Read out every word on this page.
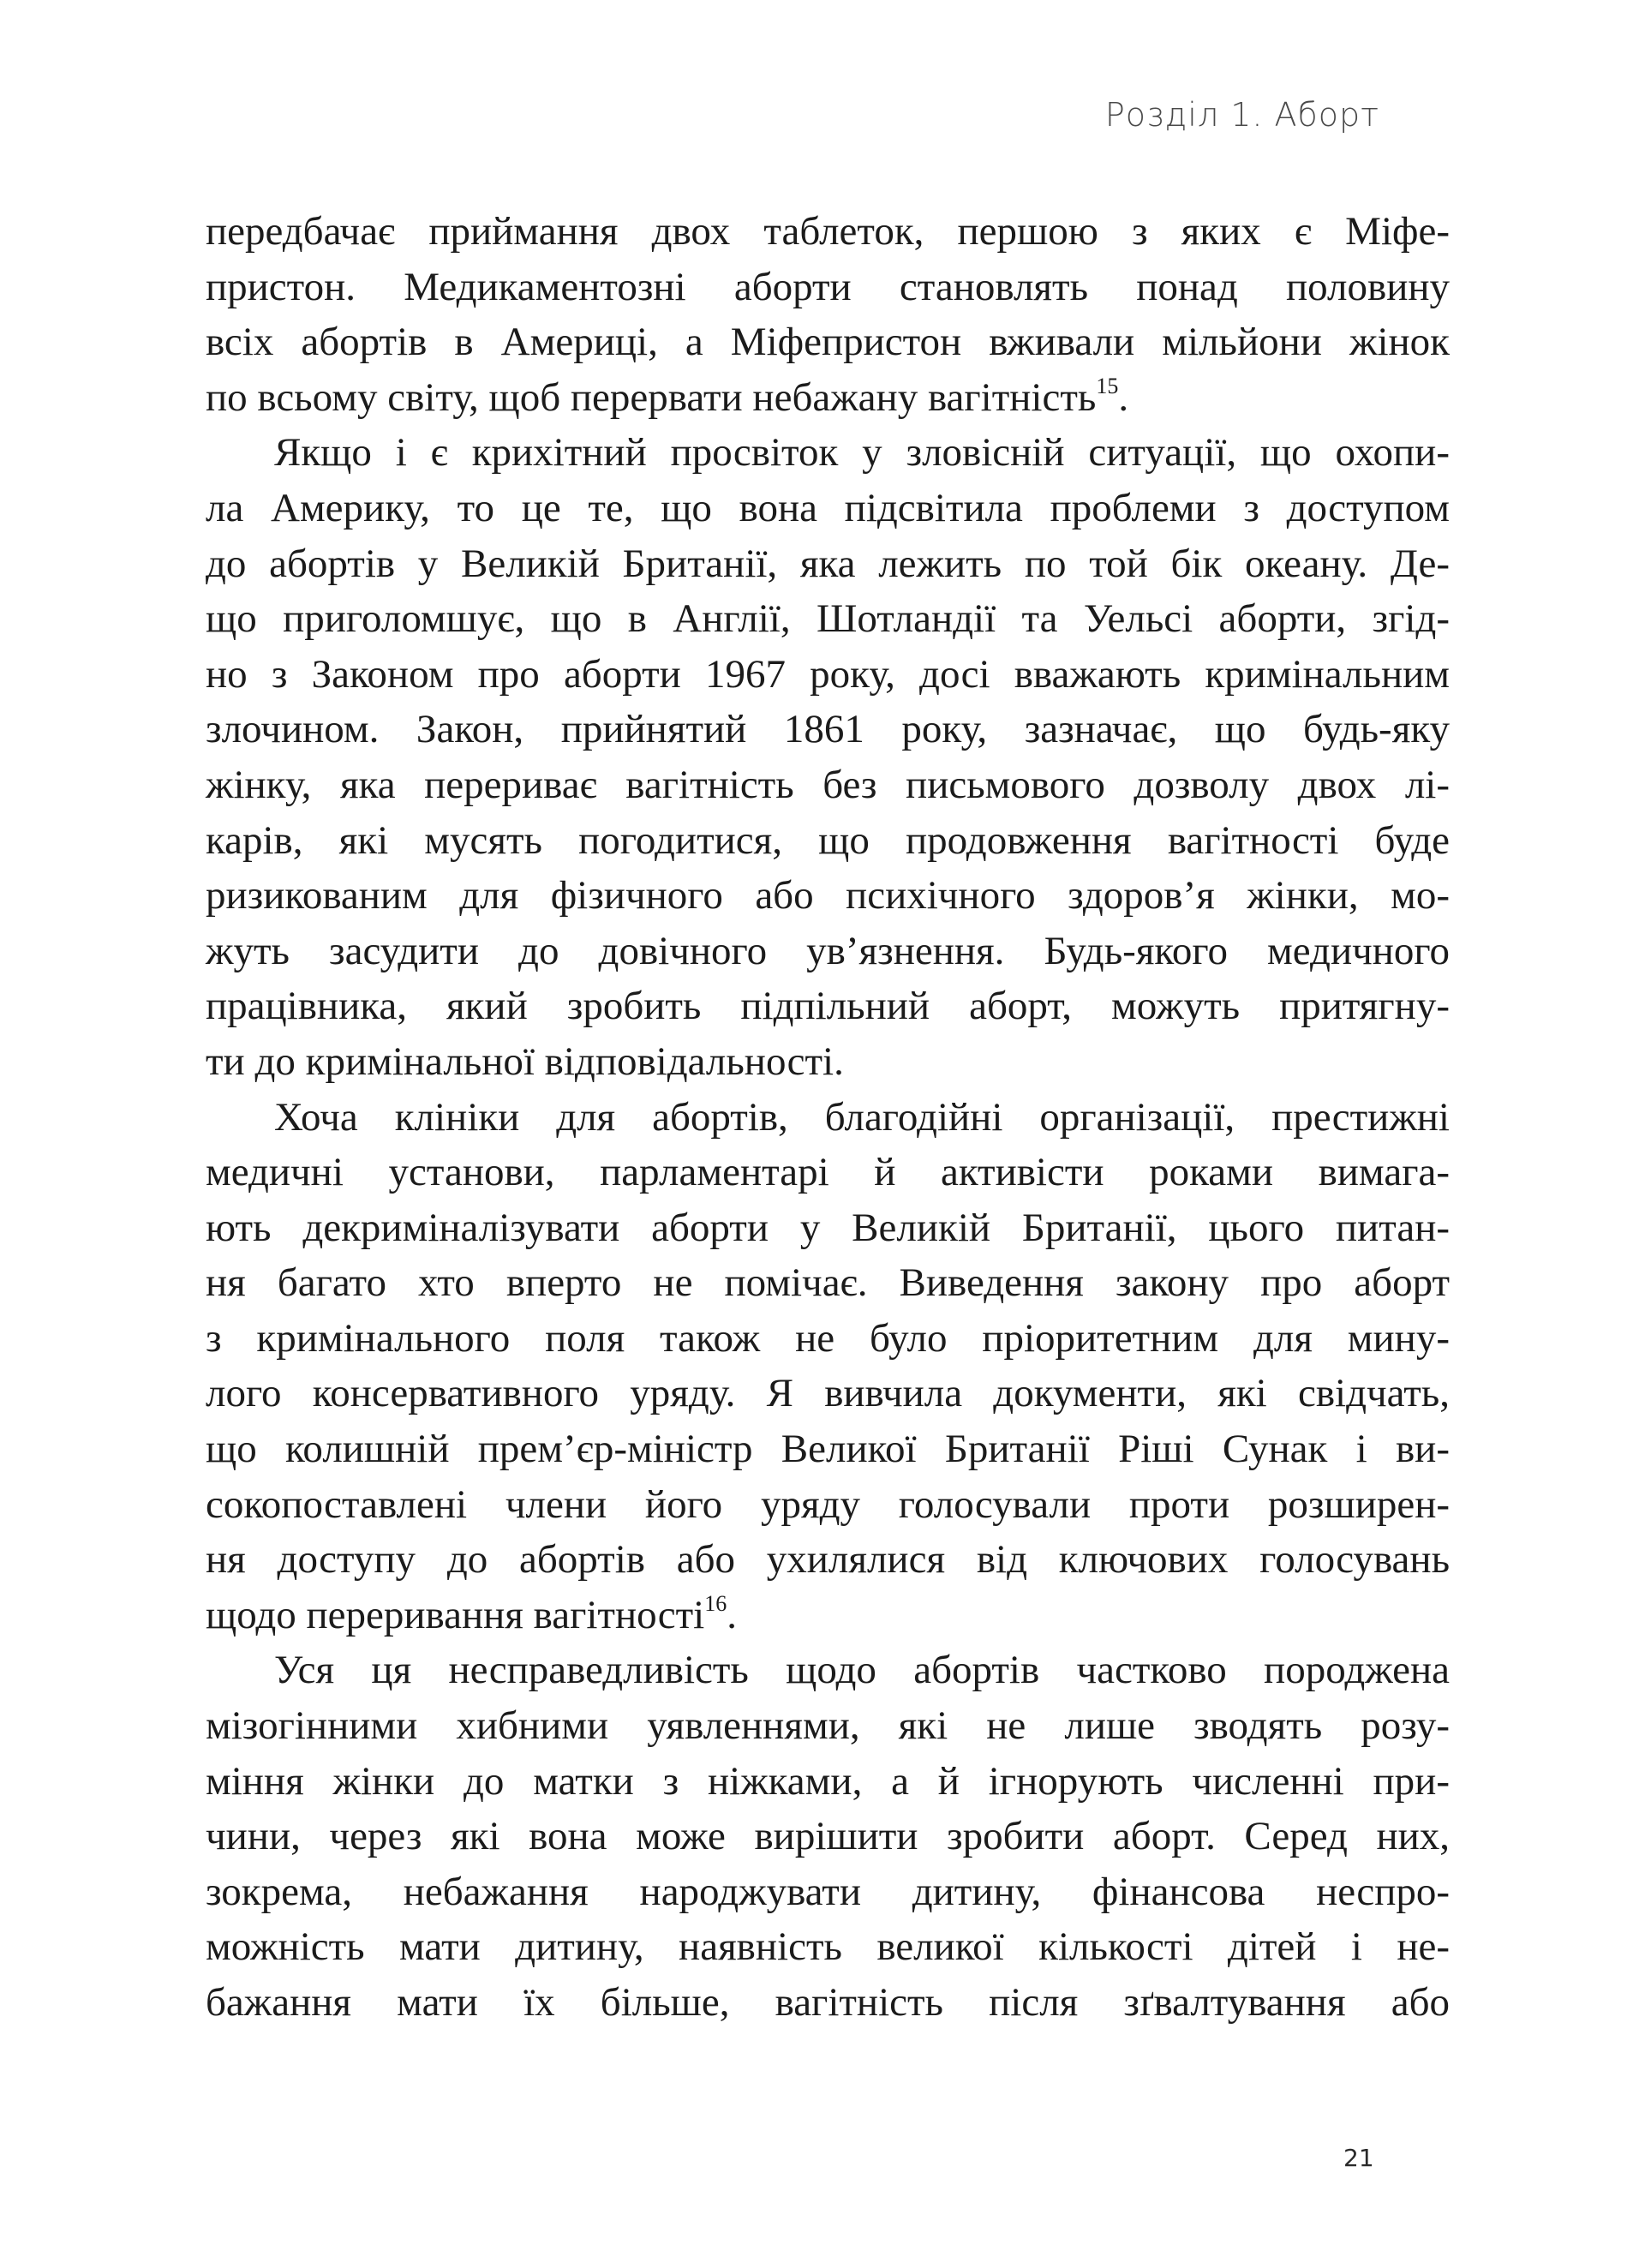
Розділ 1. Аборт
передбачає приймання двох таблеток, першою з яких є Міфе-
пристон. Медикаментозні аборти становлять понад половину
всіх абортів в Америці, а Міфепристон вживали мільйони жінок
по всьому світу, щоб перервати небажану вагітність$^{15}$.
Якщо і є крихітний просвіток у зловісній ситуації, що охопи-
ла Америку, то це те, що вона підсвітила проблеми з доступом
до абортів у Великій Британії, яка лежить по той бік океану. Де-
що приголомшує, що в Англії, Шотландії та Уельсі аборти, згід-
но з Законом про аборти 1967 року, досі вважають кримінальним
злочином. Закон, прийнятий 1861 року, зазначає, що будь-яку
жінку, яка перериває вагітність без письмового дозволу двох лі-
карів, які мусять погодитися, що продовження вагітності буде
ризикованим для фізичного або психічного здоров’я жінки, мо-
жуть засудити до довічного ув’язнення. Будь-якого медичного
працівника, який зробить підпільний аборт, можуть притягну-
ти до кримінальної відповідальності.
Хоча клініки для абортів, благодійні організації, престижні
медичні установи, парламентарі й активісти роками вимага-
ють декриміналізувати аборти у Великій Британії, цього питан-
ня багато хто вперто не помічає. Виведення закону про аборт
з кримінального поля також не було пріоритетним для мину-
лого консервативного уряду. Я вивчила документи, які свідчать,
що колишній прем’єр-міністр Великої Британії Ріші Сунак і ви-
сокопоставлені члени його уряду голосували проти розширен-
ня доступу до абортів або ухилялися від ключових голосувань
щодо переривання вагітності$^{16}$.
Уся ця несправедливість щодо абортів частково породжена
мізогінними хибними уявленнями, які не лише зводять розу-
міння жінки до матки з ніжками, а й ігнорують численні при-
чини, через які вона може вирішити зробити аборт. Серед них,
зокрема, небажання народжувати дитину, фінансова неспро-
можність мати дитину, наявність великої кількості дітей і не-
бажання мати їх більше, вагітність після зґвалтування або
21
